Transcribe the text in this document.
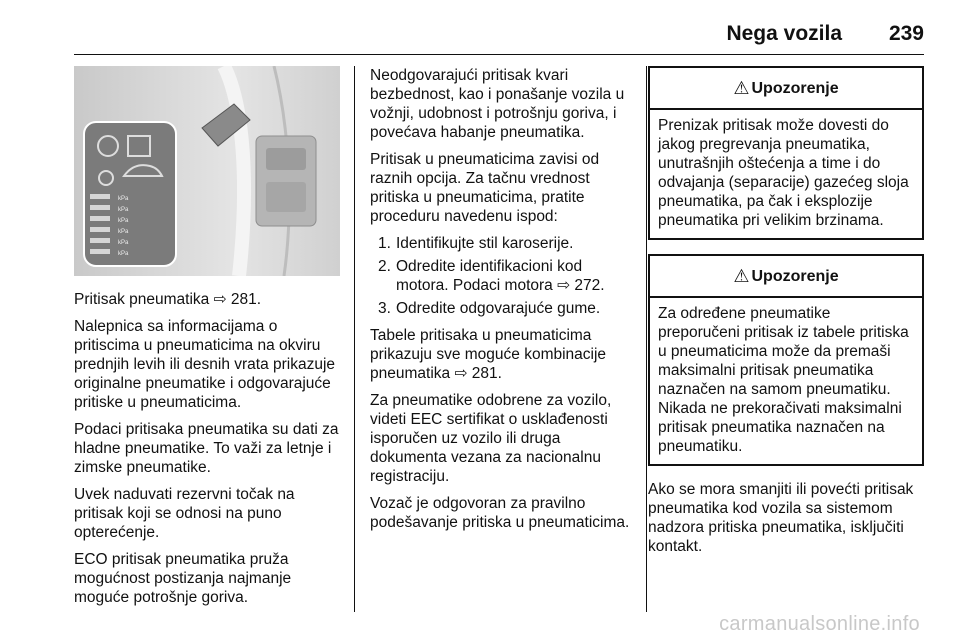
Nega vozila 239
kPa
kPa
kPa
kPa
kPa
kPa

Pritisak pneumatika ⇨ 281.

Nalepnica sa informacijama o pritiscima u pneumaticima na okviru prednjih levih ili desnih vrata prikazuje originalne pneumatike i odgovarajuće pritiske u pneumaticima.

Podaci pritisaka pneumatika su dati za hladne pneumatike. To važi za letnje i zimske pneumatike.

Uvek naduvati rezervni točak na pritisak koji se odnosi na puno opterećenje.

ECO pritisak pneumatika pruža mogućnost postizanja najmanje moguće potrošnje goriva.

Neodgovarajući pritisak kvari bezbednost, kao i ponašanje vozila u vožnji, udobnost i potrošnju goriva, i povećava habanje pneumatika.

Pritisak u pneumaticima zavisi od raznih opcija. Za tačnu vrednost pritiska u pneumaticima, pratite proceduru navedenu ispod:

1. Identifikujte stil karoserije.
2. Odredite identifikacioni kod motora. Podaci motora ⇨ 272.
3. Odredite odgovarajuće gume.

Tabele pritisaka u pneumaticima prikazuju sve moguće kombinacije pneumatika ⇨ 281.

Za pneumatike odobrene za vozilo, videti EEC sertifikat o usklađenosti isporučen uz vozilo ili druga dokumenta vezana za nacionalnu registraciju.

Vozač je odgovoran za pravilno podešavanje pritiska u pneumaticima.

⚠ Upozorenje
Prenizak pritisak može dovesti do jakog pregrevanja pneumatika, unutrašnjih oštećenja a time i do odvajanja (separacije) gazećeg sloja pneumatika, pa čak i eksplozije pneumatika pri velikim brzinama.
⚠ Upozorenje
Za određene pneumatike preporučeni pritisak iz tabele pritiska u pneumaticima može da premaši maksimalni pritisak pneumatika naznačen na samom pneumatiku. Nikada ne prekoračivati maksimalni pritisak pneumatika naznačen na pneumatiku.

Ako se mora smanjiti ili povećti pritisak pneumatika kod vozila sa sistemom nadzora pritiska pneumatika, isključiti kontakt.

carmanualsonline.info
